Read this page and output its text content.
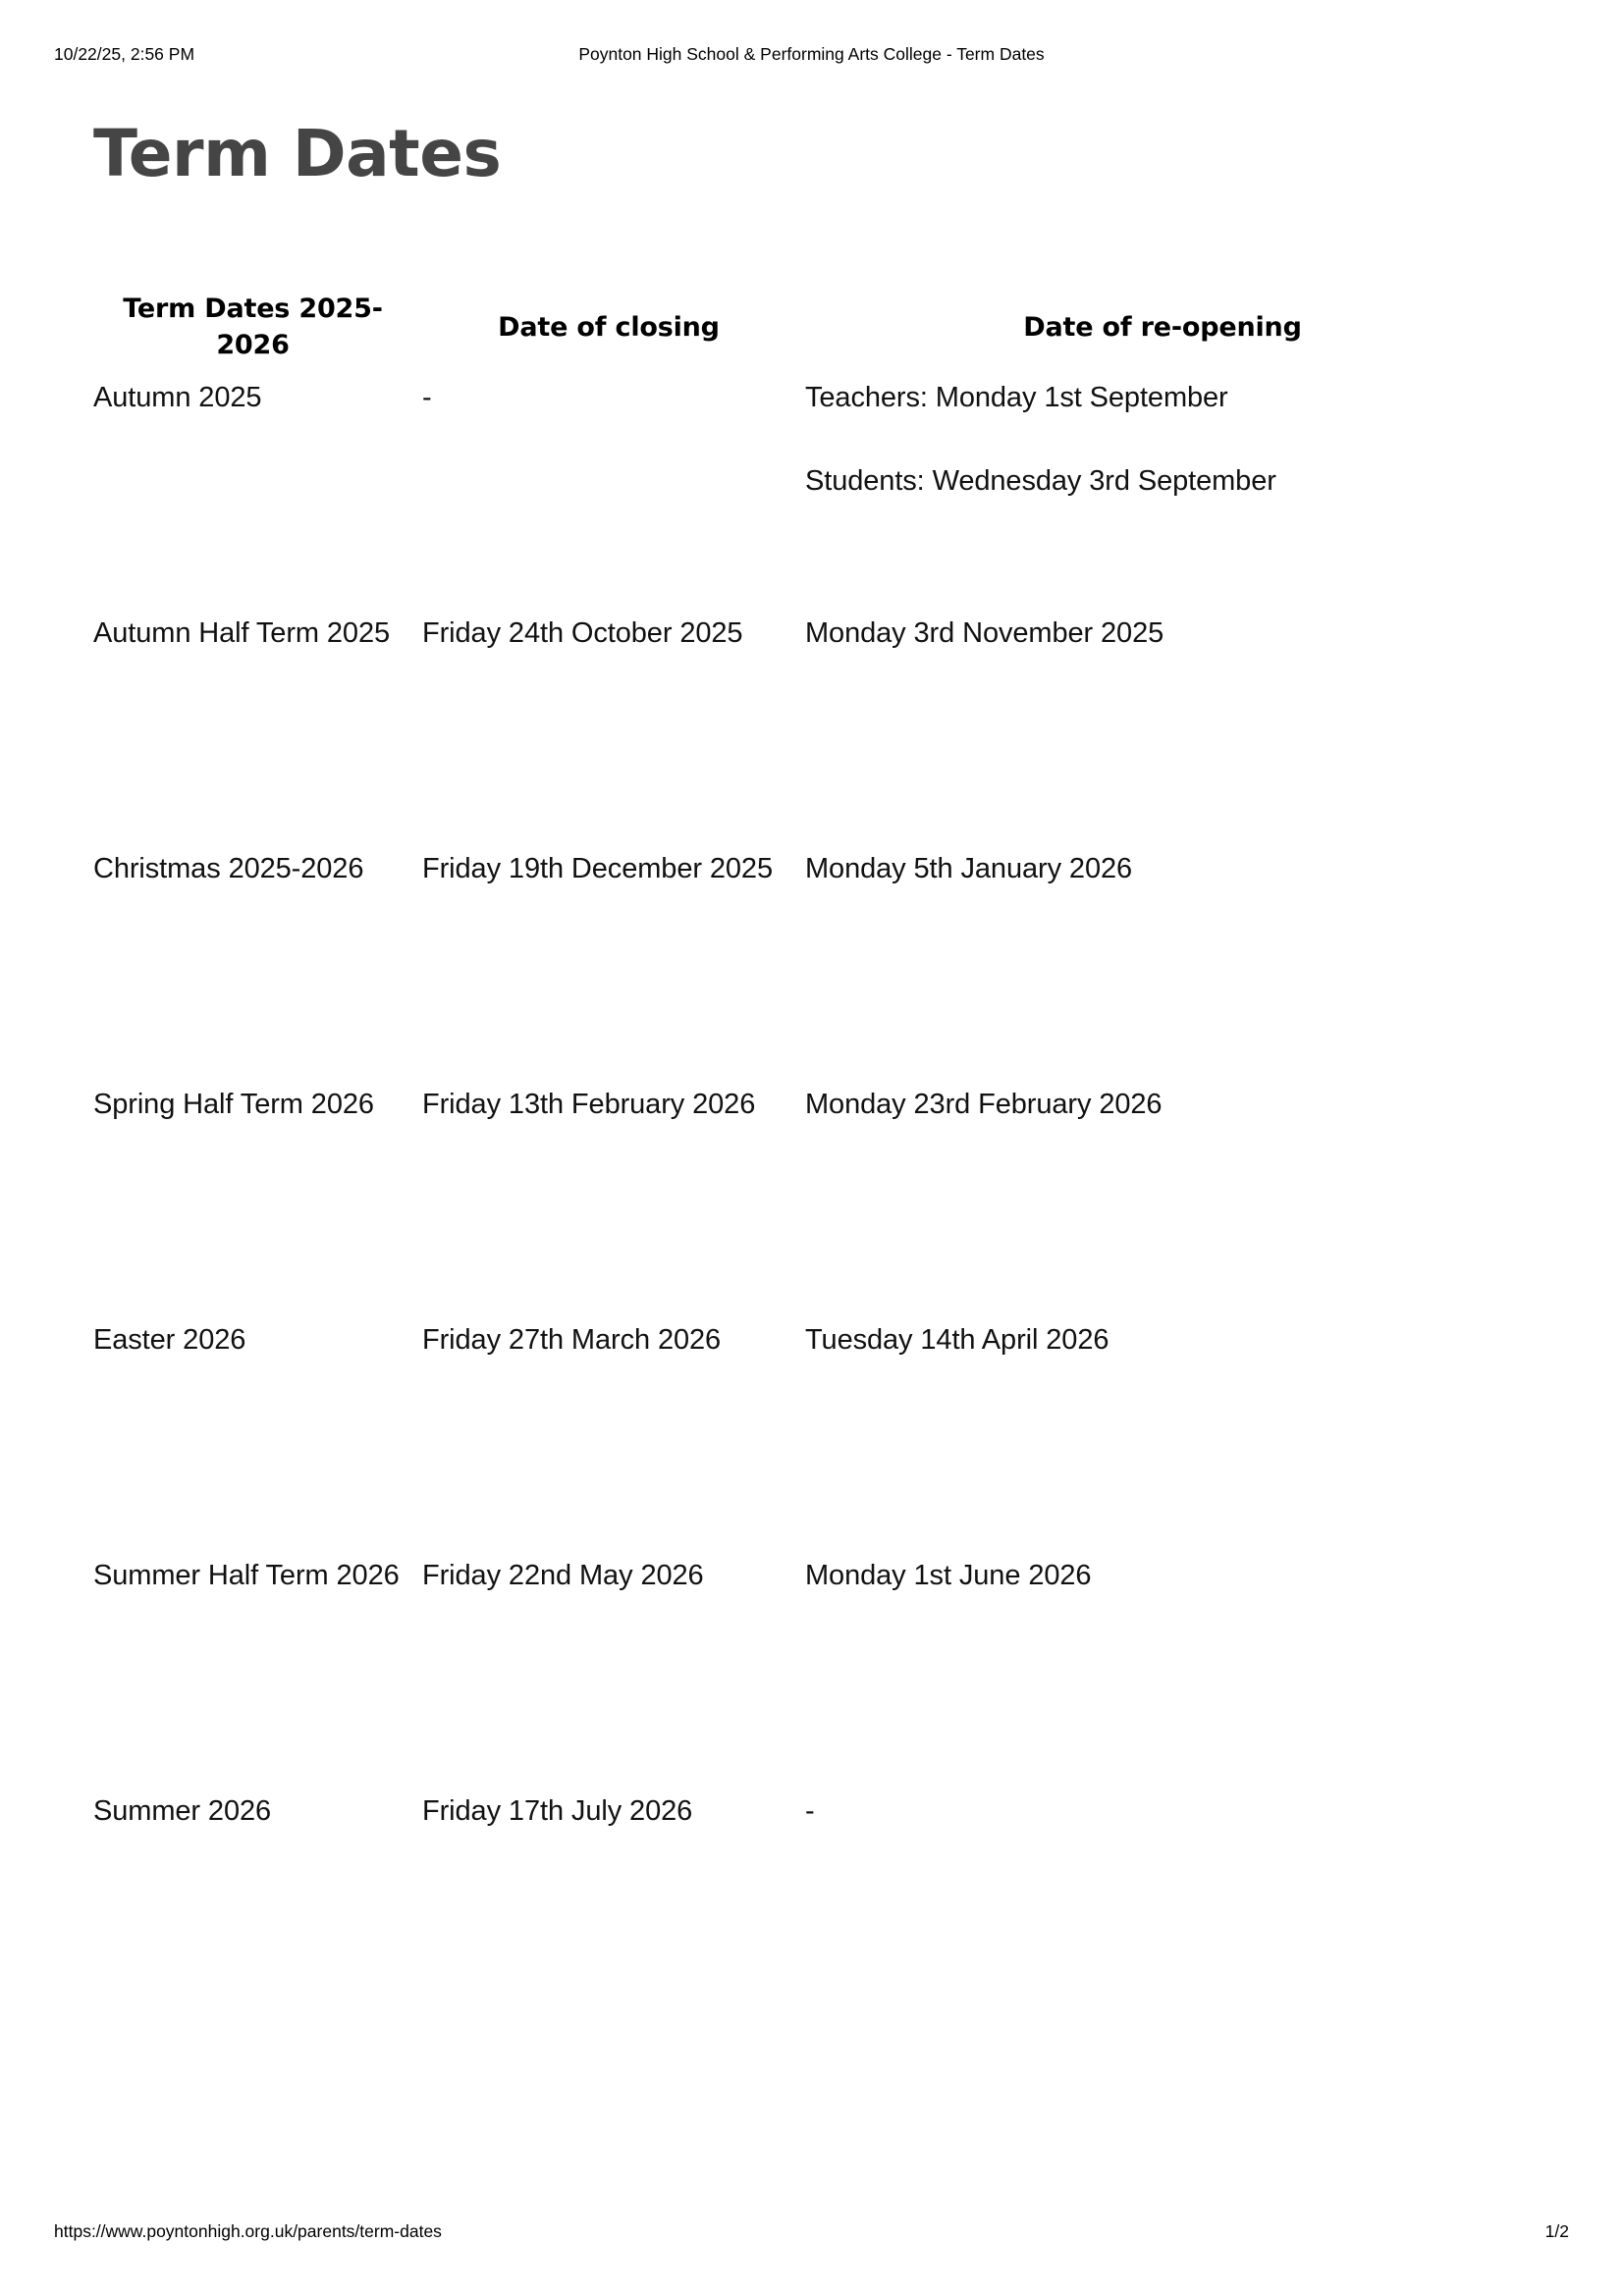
10/22/25, 2:56 PM	Poynton High School & Performing Arts College - Term Dates
Term Dates
Term Dates 2025-2026	Date of closing	Date of re-opening
Autumn 2025	-	Teachers: Monday 1st September

Students: Wednesday 3rd September

Autumn Half Term 2025	Friday 24th October 2025	Monday 3rd November 2025

Christmas 2025-2026	Friday 19th December 2025	Monday 5th January 2026

Spring Half Term 2026	Friday 13th February 2026	Monday 23rd February 2026

Easter 2026	Friday 27th March 2026	Tuesday 14th April 2026

Summer Half Term 2026	Friday 22nd May 2026	Monday 1st June 2026

Summer 2026	Friday 17th July 2026	-

https://www.poyntonhigh.org.uk/parents/term-dates	1/2
